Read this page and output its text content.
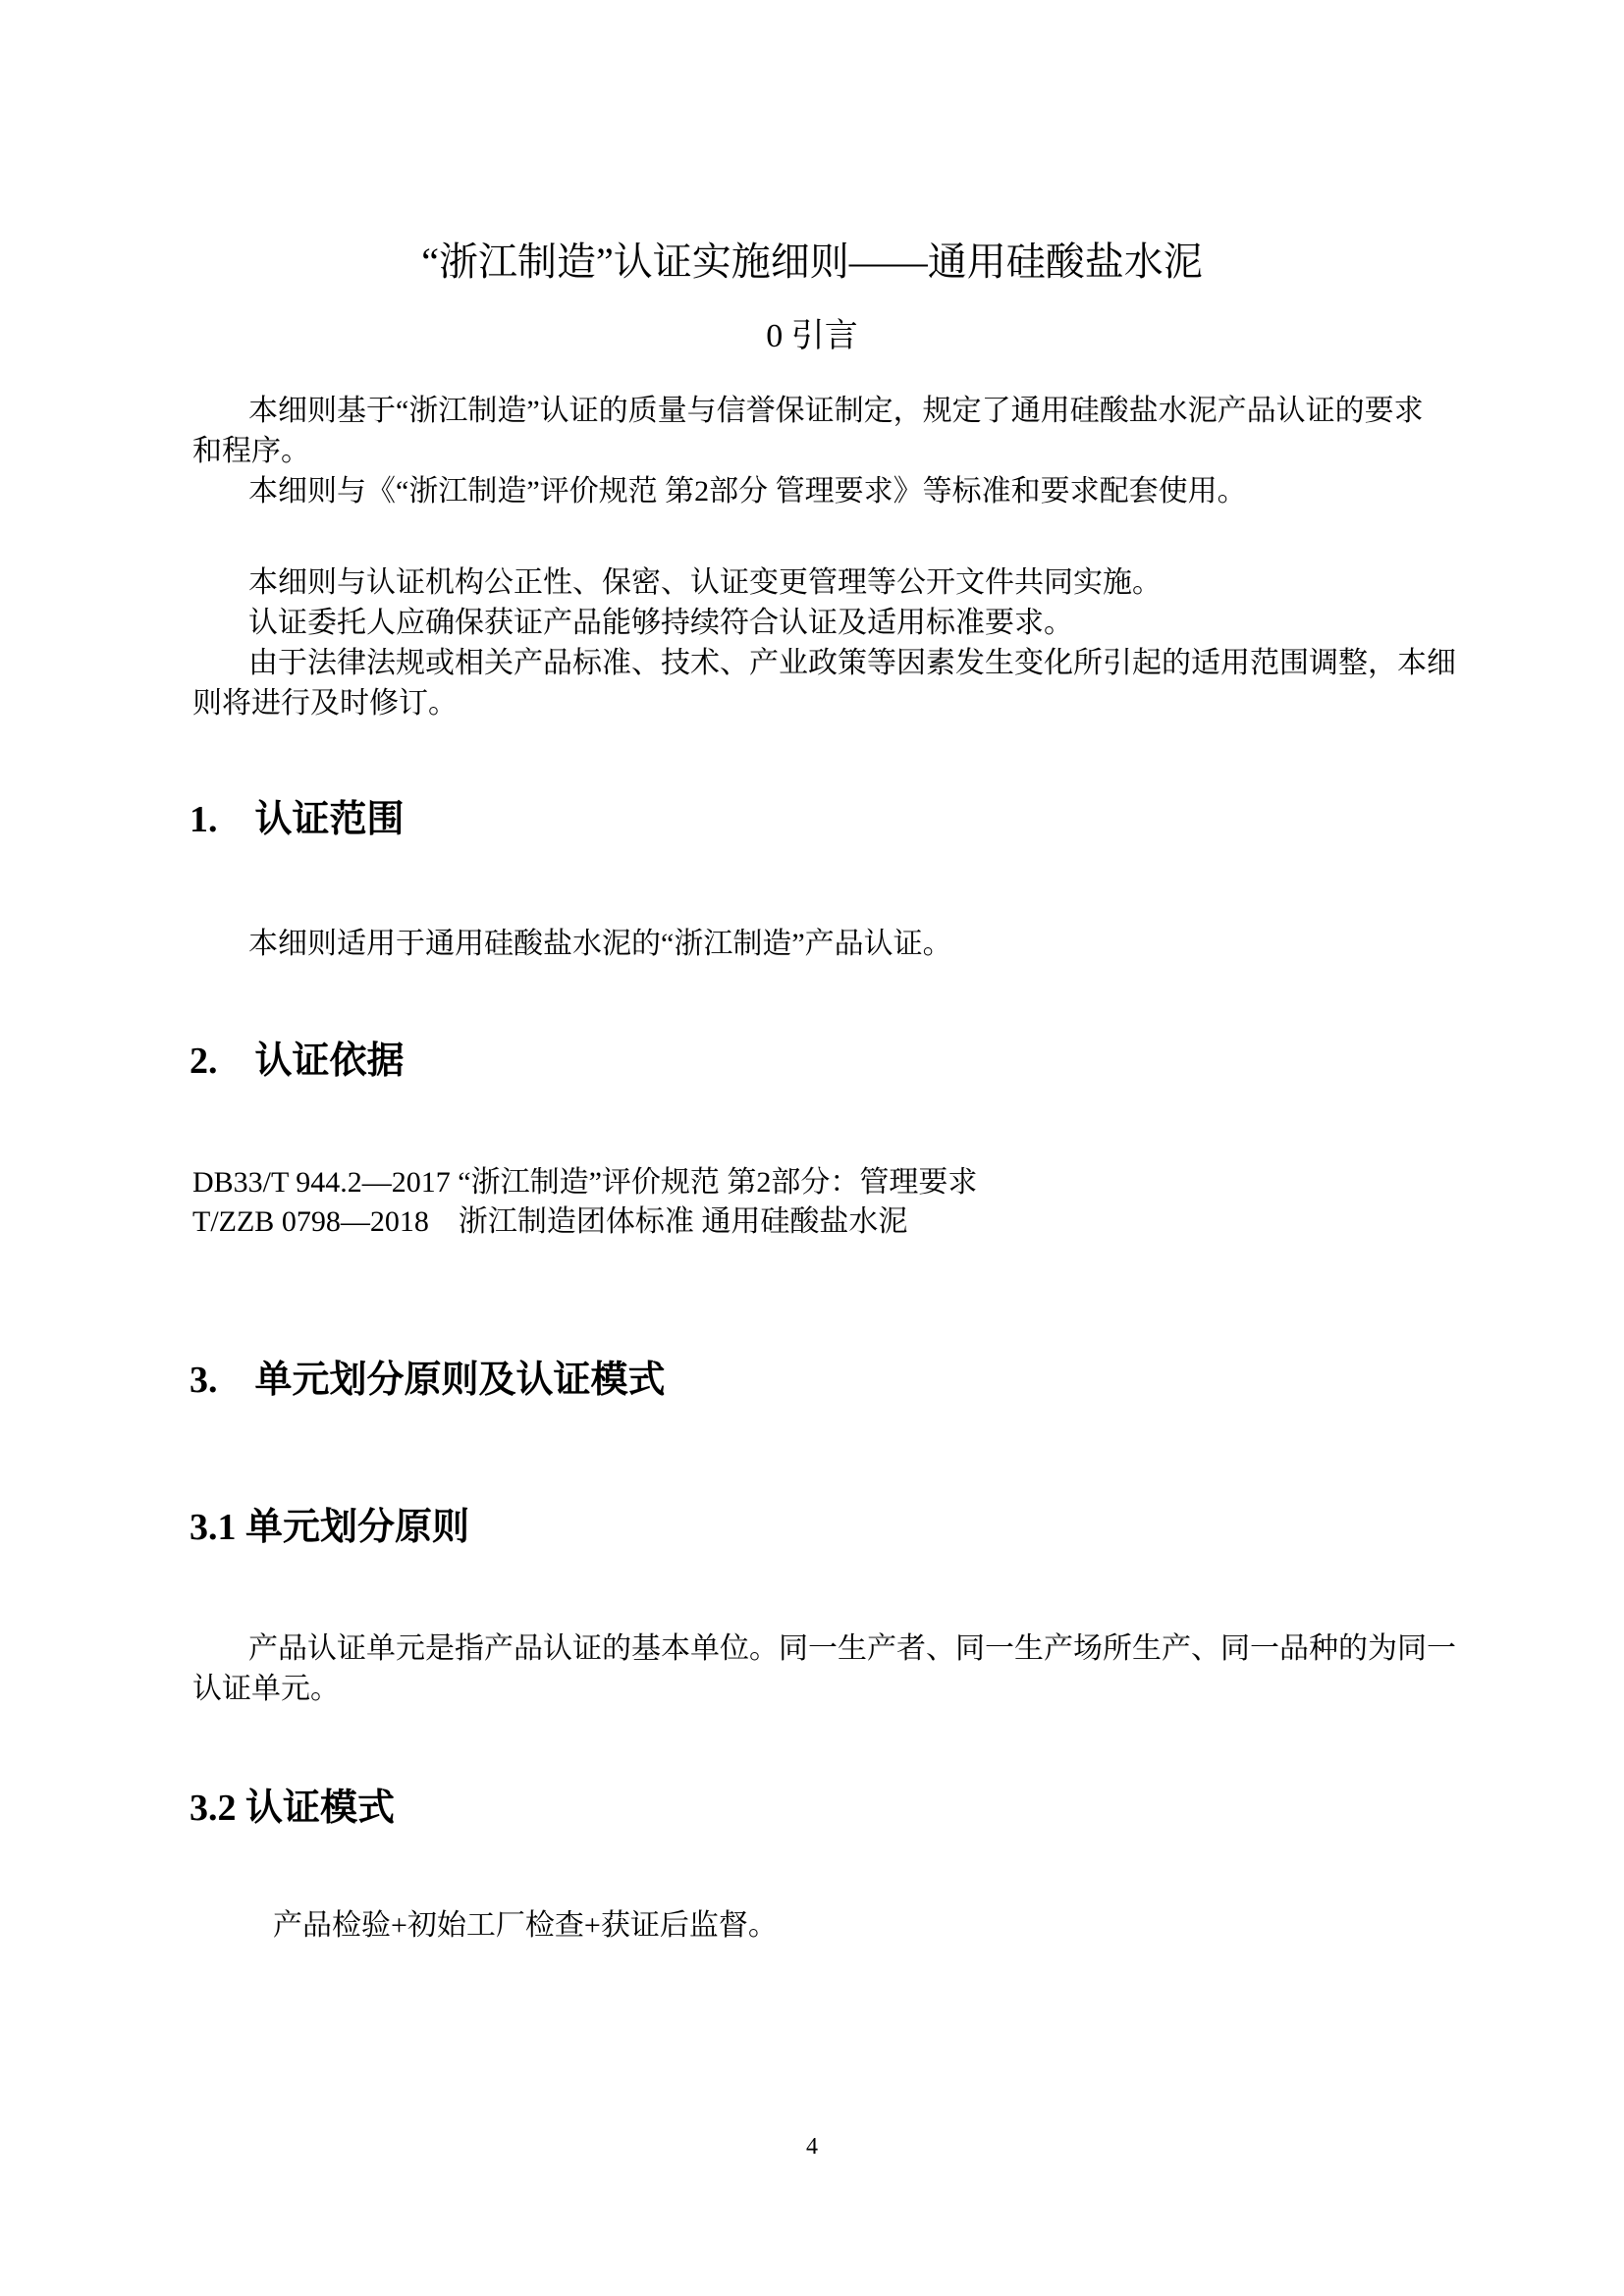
“浙江制造”认证实施细则——通用硅酸盐水泥
0 引言
本细则基于“浙江制造”认证的质量与信誉保证制定，规定了通用硅酸盐水泥产品认证的要求
和程序。
本细则与《“浙江制造”评价规范 第2部分 管理要求》等标准和要求配套使用。
本细则与认证机构公正性、保密、认证变更管理等公开文件共同实施。
认证委托人应确保获证产品能够持续符合认证及适用标准要求。
由于法律法规或相关产品标准、技术、产业政策等因素发生变化所引起的适用范围调整，本细
则将进行及时修订。
1.　认证范围
本细则适用于通用硅酸盐水泥的“浙江制造”产品认证。
2.　认证依据
DB33/T 944.2—2017 “浙江制造”评价规范 第2部分：管理要求
T/ZZB 0798—2018　浙江制造团体标准 通用硅酸盐水泥
3.　单元划分原则及认证模式
3.1 单元划分原则
产品认证单元是指产品认证的基本单位。同一生产者、同一生产场所生产、同一品种的为同一
认证单元。
3.2 认证模式
产品检验+初始工厂检查+获证后监督。
4
